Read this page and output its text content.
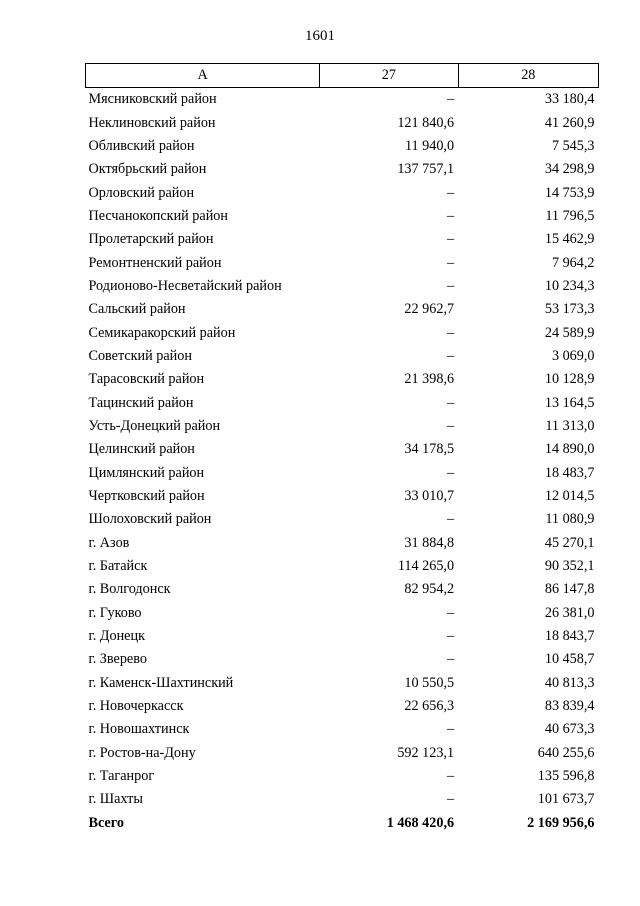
1601
А	27	28
Мясниковский район	–	33 180,4
Неклиновский район	121 840,6	41 260,9
Обливский район	11 940,0	7 545,3
Октябрьский район	137 757,1	34 298,9
Орловский район	–	14 753,9
Песчанокопский район	–	11 796,5
Пролетарский район	–	15 462,9
Ремонтненский район	–	7 964,2
Родионово-Несветайский район	–	10 234,3
Сальский район	22 962,7	53 173,3
Семикаракорский район	–	24 589,9
Советский район	–	3 069,0
Тарасовский район	21 398,6	10 128,9
Тацинский район	–	13 164,5
Усть-Донецкий район	–	11 313,0
Целинский район	34 178,5	14 890,0
Цимлянский район	–	18 483,7
Чертковский район	33 010,7	12 014,5
Шолоховский район	–	11 080,9
г. Азов	31 884,8	45 270,1
г. Батайск	114 265,0	90 352,1
г. Волгодонск	82 954,2	86 147,8
г. Гуково	–	26 381,0
г. Донецк	–	18 843,7
г. Зверево	–	10 458,7
г. Каменск-Шахтинский	10 550,5	40 813,3
г. Новочеркасск	22 656,3	83 839,4
г. Новошахтинск	–	40 673,3
г. Ростов-на-Дону	592 123,1	640 255,6
г. Таганрог	–	135 596,8
г. Шахты	–	101 673,7
Всего	1 468 420,6	2 169 956,6
